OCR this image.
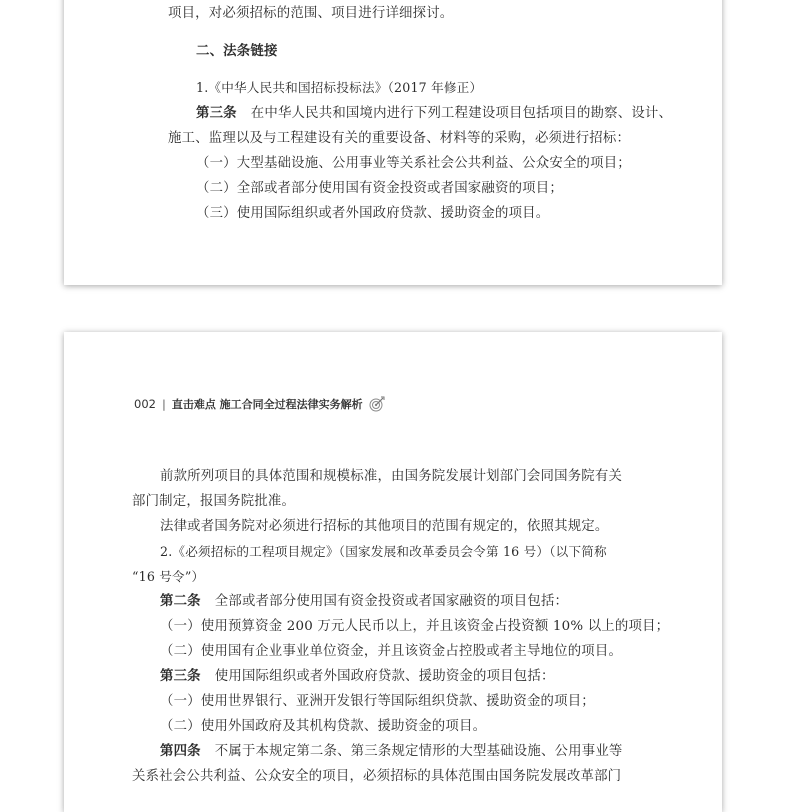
项目，对必须招标的范围、项目进行详细探讨。
二、法条链接
1.《中华人民共和国招标投标法》（2017 年修正）
第三条 在中华人民共和国境内进行下列工程建设项目包括项目的勘察、设计、
施工、监理以及与工程建设有关的重要设备、材料等的采购，必须进行招标：
（一）大型基础设施、公用事业等关系社会公共利益、公众安全的项目；
（二）全部或者部分使用国有资金投资或者国家融资的项目；
（三）使用国际组织或者外国政府贷款、援助资金的项目。
002 | 直击难点 施工合同全过程法律实务解析
前款所列项目的具体范围和规模标准，由国务院发展计划部门会同国务院有关
部门制定，报国务院批准。
法律或者国务院对必须进行招标的其他项目的范围有规定的，依照其规定。
2.《必须招标的工程项目规定》（国家发展和改革委员会令第 16 号）（以下简称
“16 号令”）
第二条 全部或者部分使用国有资金投资或者国家融资的项目包括：
（一）使用预算资金 200 万元人民币以上，并且该资金占投资额 10% 以上的项目；
（二）使用国有企业事业单位资金，并且该资金占控股或者主导地位的项目。
第三条 使用国际组织或者外国政府贷款、援助资金的项目包括：
（一）使用世界银行、亚洲开发银行等国际组织贷款、援助资金的项目；
（二）使用外国政府及其机构贷款、援助资金的项目。
第四条 不属于本规定第二条、第三条规定情形的大型基础设施、公用事业等
关系社会公共利益、公众安全的项目，必须招标的具体范围由国务院发展改革部门
